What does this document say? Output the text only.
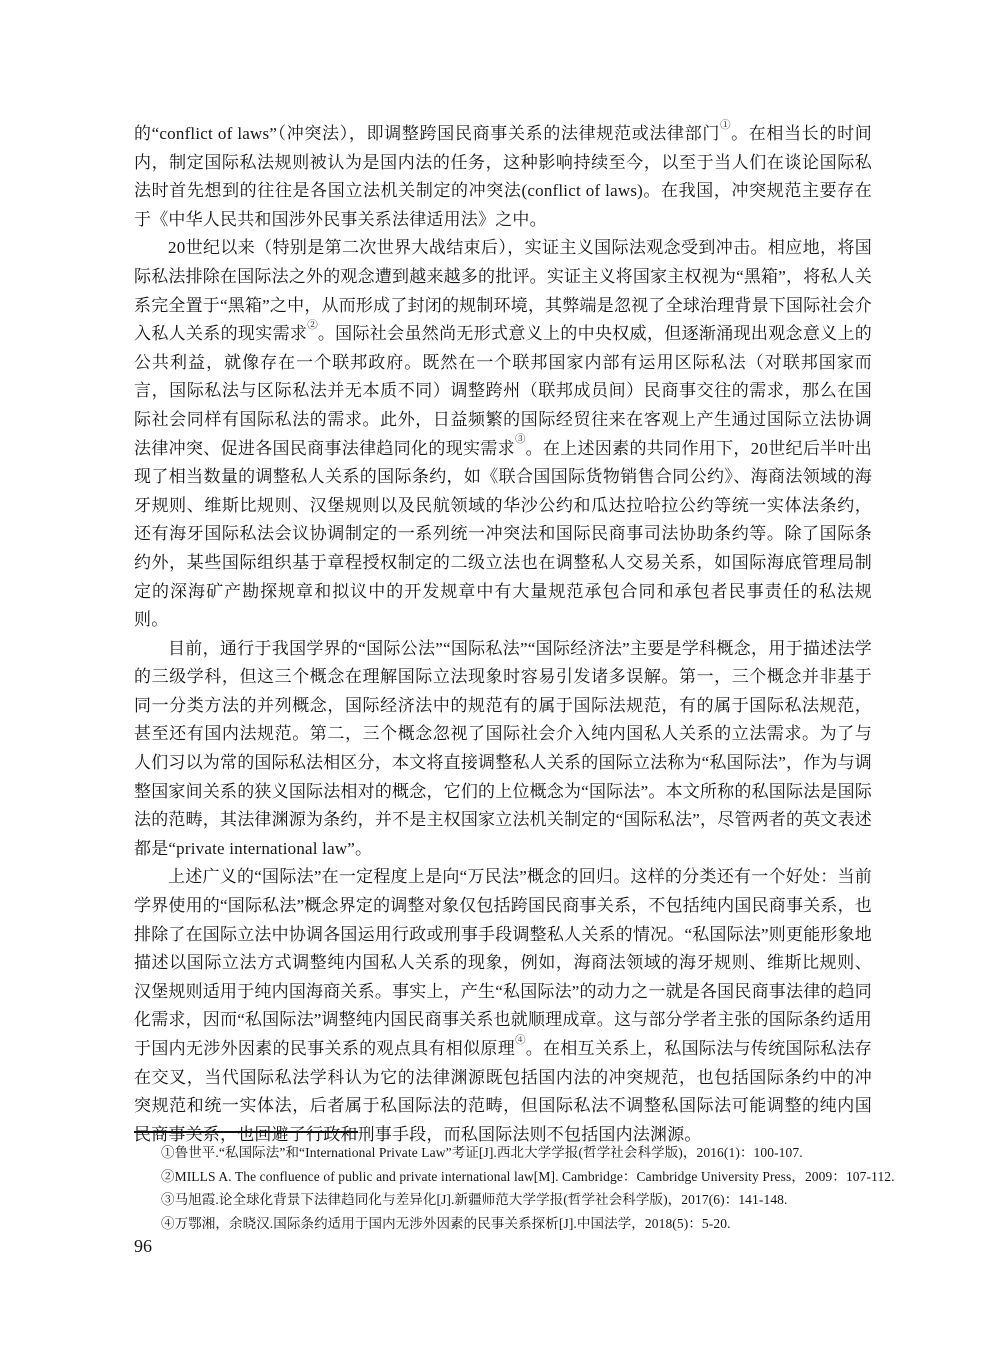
的“conflict of laws”（冲突法），即调整跨国民商事关系的法律规范或法律部门①。在相当长的时间内，制定国际私法规则被认为是国内法的任务，这种影响持续至今，以至于当人们在谈论国际私法时首先想到的往往是各国立法机关制定的冲突法(conflict of laws)。在我国，冲突规范主要存在于《中华人民共和国涉外民事关系法律适用法》之中。

20世纪以来（特别是第二次世界大战结束后），实证主义国际法观念受到冲击。相应地，将国际私法排除在国际法之外的观念遭到越来越多的批评。实证主义将国家主权视为“黑箱”，将私人关系完全置于“黑箱”之中，从而形成了封闭的规制环境，其弊端是忽视了全球治理背景下国际社会介入私人关系的现实需求②。国际社会虽然尚无形式意义上的中央权威，但逐渐涌现出观念意义上的公共利益，就像存在一个联邦政府。既然在一个联邦国家内部有运用区际私法（对联邦国家而言，国际私法与区际私法并无本质不同）调整跨州（联邦成员间）民商事交往的需求，那么在国际社会同样有国际私法的需求。此外，日益频繁的国际经贸往来在客观上产生通过国际立法协调法律冲突、促进各国民商事法律趋同化的现实需求③。在上述因素的共同作用下，20世纪后半叶出现了相当数量的调整私人关系的国际条约，如《联合国国际货物销售合同公约》、海商法领域的海牙规则、维斯比规则、汉堡规则以及民航领域的华沙公约和瓜达拉哈拉公约等统一实体法条约，还有海牙国际私法会议协调制定的一系列统一冲突法和国际民商事司法协助条约等。除了国际条约外，某些国际组织基于章程授权制定的二级立法也在调整私人交易关系，如国际海底管理局制定的深海矿产勘探规章和拟议中的开发规章中有大量规范承包合同和承包者民事责任的私法规则。

目前，通行于我国学界的“国际公法”“国际私法”“国际经济法”主要是学科概念，用于描述法学的三级学科，但这三个概念在理解国际立法现象时容易引发诸多误解。第一，三个概念并非基于同一分类方法的并列概念，国际经济法中的规范有的属于国际法规范，有的属于国际私法规范，甚至还有国内法规范。第二，三个概念忽视了国际社会介入纯内国私人关系的立法需求。为了与人们习以为常的国际私法相区分，本文将直接调整私人关系的国际立法称为“私国际法”，作为与调整国家间关系的狭义国际法相对的概念，它们的上位概念为“国际法”。本文所称的私国际法是国际法的范畴，其法律渊源为条约，并不是主权国家立法机关制定的“国际私法”，尽管两者的英文表述都是“private international law”。

上述广义的“国际法”在一定程度上是向“万民法”概念的回归。这样的分类还有一个好处：当前学界使用的“国际私法”概念界定的调整对象仅包括跨国民商事关系，不包括纯内国民商事关系，也排除了在国际立法中协调各国运用行政或刑事手段调整私人关系的情况。“私国际法”则更能形象地描述以国际立法方式调整纯内国私人关系的现象，例如，海商法领域的海牙规则、维斯比规则、汉堡规则适用于纯内国海商关系。事实上，产生“私国际法”的动力之一就是各国民商事法律的趋同化需求，因而“私国际法”调整纯内国民商事关系也就顺理成章。这与部分学者主张的国际条约适用于国内无涉外因素的民事关系的观点具有相似原理④。在相互关系上，私国际法与传统国际私法存在交叉，当代国际私法学科认为它的法律渊源既包括国内法的冲突规范，也包括国际条约中的冲突规范和统一实体法，后者属于私国际法的范畴，但国际私法不调整私国际法可能调整的纯内国民商事关系，也回避了行政和刑事手段，而私国际法则不包括国内法渊源。

①鲁世平.“私国际法”和“International Private Law”考证[J].西北大学学报(哲学社会科学版)，2016(1)：100-107.

②MILLS A. The confluence of public and private international law[M]. Cambridge：Cambridge University Press，2009：107-112.

③马旭霞.论全球化背景下法律趋同化与差异化[J].新疆师范大学学报(哲学社会科学版)，2017(6)：141-148.

④万鄂湘，余晓汉.国际条约适用于国内无涉外因素的民事关系探析[J].中国法学，2018(5)：5-20.

96
